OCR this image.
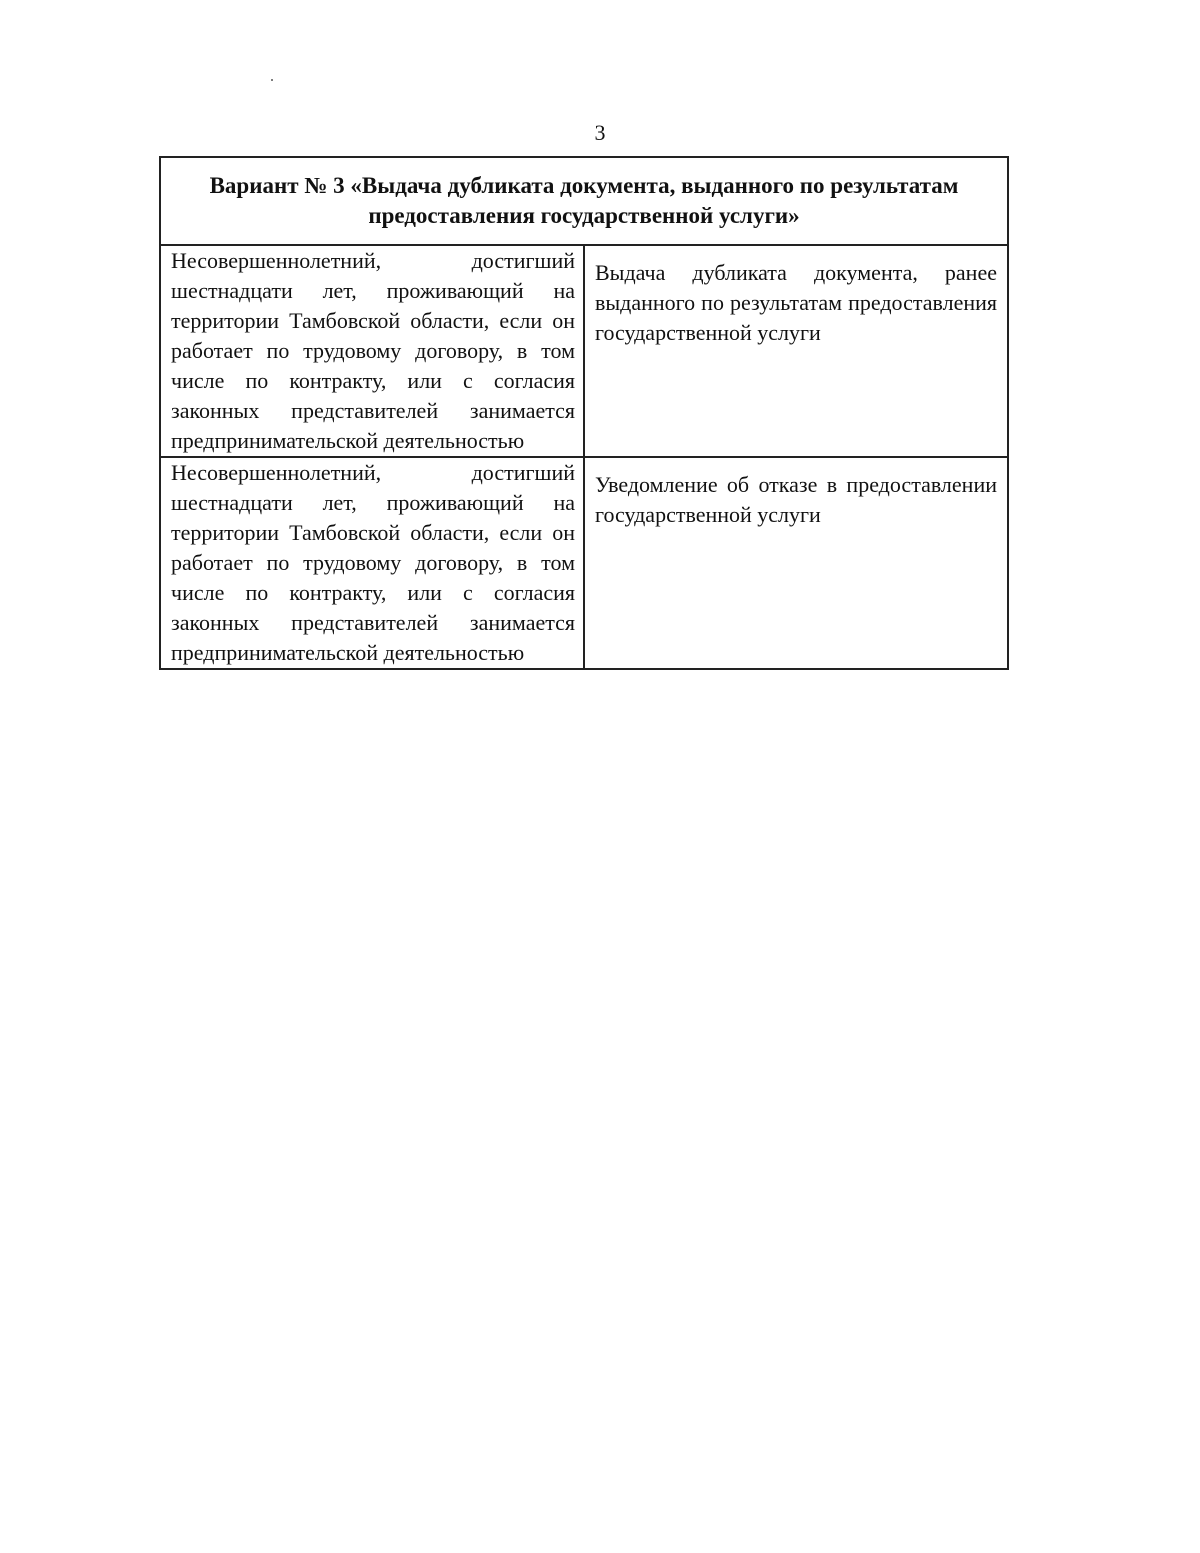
3
Вариант № 3 «Выдача дубликата документа, выданного по результатам предоставления государственной услуги»	
Несовершеннолетний, достигший шестнадцати лет, проживающий на территории Тамбовской области, если он работает по трудовому договору, в том числе по контракту, или с согласия законных представителей занимается предпринимательской деятельностью	Выдача дубликата документа, ранее выданного по результатам предоставления государственной услуги
Несовершеннолетний, достигший шестнадцати лет, проживающий на территории Тамбовской области, если он работает по трудовому договору, в том числе по контракту, или с согласия законных представителей занимается предпринимательской деятельностью	Уведомление об отказе в предоставлении государственной услуги
